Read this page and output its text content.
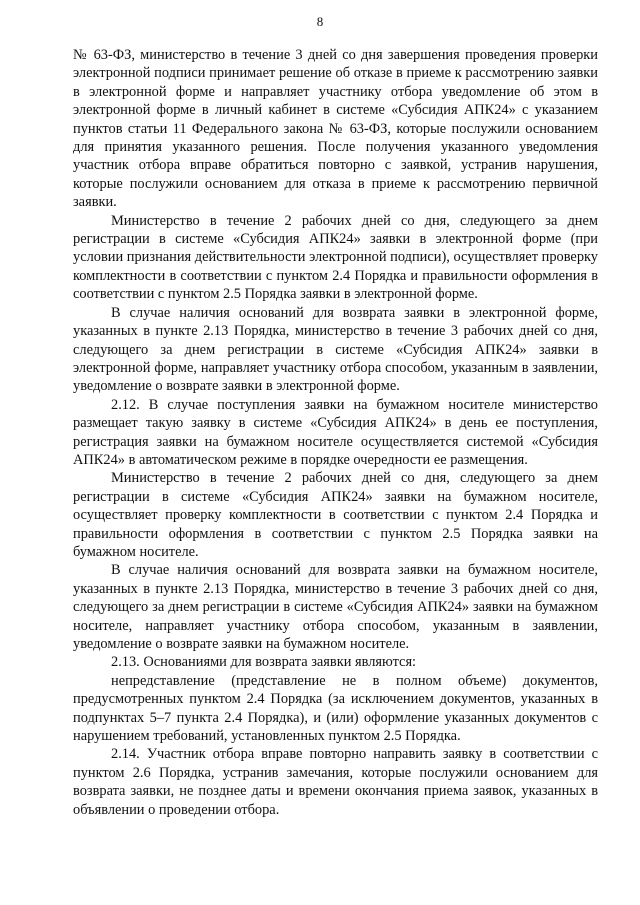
8

№ 63-ФЗ, министерство в течение 3 дней со дня завершения проведения проверки электронной подписи принимает решение об отказе в приеме к рассмотрению заявки в электронной форме и направляет участнику отбора уведомление об этом в электронной форме в личный кабинет в системе «Субсидия АПК24» с указанием пунктов статьи 11 Федерального закона № 63-ФЗ, которые послужили основанием для принятия указанного решения. После получения указанного уведомления участник отбора вправе обратиться повторно с заявкой, устранив нарушения, которые послужили основанием для отказа в приеме к рассмотрению первичной заявки.

Министерство в течение 2 рабочих дней со дня, следующего за днем регистрации в системе «Субсидия АПК24» заявки в электронной форме (при условии признания действительности электронной подписи), осуществляет проверку комплектности в соответствии с пунктом 2.4 Порядка и правильности оформления в соответствии с пунктом 2.5 Порядка заявки в электронной форме.

В случае наличия оснований для возврата заявки в электронной форме, указанных в пункте 2.13 Порядка, министерство в течение 3 рабочих дней со дня, следующего за днем регистрации в системе «Субсидия АПК24» заявки в электронной форме, направляет участнику отбора способом, указанным в заявлении, уведомление о возврате заявки в электронной форме.

2.12. В случае поступления заявки на бумажном носителе министерство размещает такую заявку в системе «Субсидия АПК24» в день ее поступления, регистрация заявки на бумажном носителе осуществляется системой «Субсидия АПК24» в автоматическом режиме в порядке очередности ее размещения.

Министерство в течение 2 рабочих дней со дня, следующего за днем регистрации в системе «Субсидия АПК24» заявки на бумажном носителе, осуществляет проверку комплектности в соответствии с пунктом 2.4 Порядка и правильности оформления в соответствии с пунктом 2.5 Порядка заявки на бумажном носителе.

В случае наличия оснований для возврата заявки на бумажном носителе, указанных в пункте 2.13 Порядка, министерство в течение 3 рабочих дней со дня, следующего за днем регистрации в системе «Субсидия АПК24» заявки на бумажном носителе, направляет участнику отбора способом, указанным в заявлении, уведомление о возврате заявки на бумажном носителе.

2.13. Основаниями для возврата заявки являются:

непредставление (представление не в полном объеме) документов, предусмотренных пунктом 2.4 Порядка (за исключением документов, указанных в подпунктах 5–7 пункта 2.4 Порядка), и (или) оформление указанных документов с нарушением требований, установленных пунктом 2.5 Порядка.

2.14. Участник отбора вправе повторно направить заявку в соответствии с пунктом 2.6 Порядка, устранив замечания, которые послужили основанием для возврата заявки, не позднее даты и времени окончания приема заявок, указанных в объявлении о проведении отбора.
